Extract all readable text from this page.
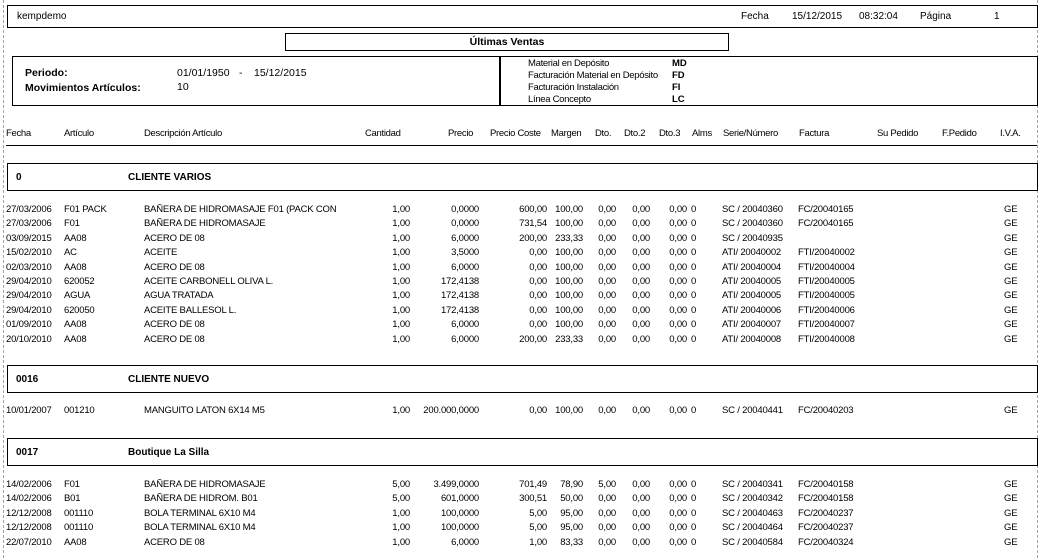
kempdemo	Fecha 15/12/2015 08:32:04 Página	1
Últimas Ventas
Periodo:	01/01/1950 - 15/12/2015
Movimientos Artículos:	10
Material en Depósito	MD
Facturación Material en Depósito FD
Facturación Instalación	FI
Línea Concepto	LC
Fecha	Artículo	Descripción Artículo	Cantidad	Precio Precio Coste Margen Dto. Dto.2 Dto.3 Alms Serie/Número Factura	Su Pedido	F.Pedido I.V.A.
0	CLIENTE VARIOS
27/03/2006 F01 PACK	BAÑERA DE HIDROMASAJE F01 (PACK CON	1,00	0,0000	600,00 100,00 0,00 0,00 0,00 0	SC / 20040360 FC/20040165	GE
27/03/2006 F01	BAÑERA DE HIDROMASAJE	1,00	0,0000	731,54 100,00 0,00 0,00 0,00 0	SC / 20040360 FC/20040165	GE
03/09/2015 AA08	ACERO DE 08	1,00	6,0000	200,00 233,33 0,00 0,00 0,00 0	SC / 20040935	GE
15/02/2010 AC	ACEITE	1,00	3,5000	0,00 100,00 0,00 0,00 0,00 0	ATI/ 20040002 FTI/20040002	GE
02/03/2010 AA08	ACERO DE 08	1,00	6,0000	0,00 100,00 0,00 0,00 0,00 0	ATI/ 20040004 FTI/20040004	GE
29/04/2010 620052	ACEITE CARBONELL OLIVA L.	1,00	172,4138	0,00 100,00 0,00 0,00 0,00 0	ATI/ 20040005 FTI/20040005	GE
29/04/2010 AGUA	AGUA TRATADA	1,00	172,4138	0,00 100,00 0,00 0,00 0,00 0	ATI/ 20040005 FTI/20040005	GE
29/04/2010 620050	ACEITE BALLESOL L.	1,00	172,4138	0,00 100,00 0,00 0,00 0,00 0	ATI/ 20040006 FTI/20040006	GE
01/09/2010 AA08	ACERO DE 08	1,00	6,0000	0,00 100,00 0,00 0,00 0,00 0	ATI/ 20040007 FTI/20040007	GE
20/10/2010 AA08	ACERO DE 08	1,00	6,0000	200,00 233,33 0,00 0,00 0,00 0	ATI/ 20040008 FTI/20040008	GE
0016	CLIENTE NUEVO
10/01/2007 001210	MANGUITO LATON 6X14 M5	1,00 200.000,0000	0,00 100,00 0,00 0,00 0,00 0	SC / 20040441 FC/20040203	GE
0017	Boutique La Silla
14/02/2006 F01	BAÑERA DE HIDROMASAJE	5,00 3.499,0000	701,49 78,90 5,00 0,00 0,00 0	SC / 20040341 FC/20040158	GE
14/02/2006 B01	BAÑERA DE HIDROM. B01	5,00	601,0000	300,51 50,00 0,00 0,00 0,00 0	SC / 20040342 FC/20040158	GE
12/12/2008 001110	BOLA TERMINAL 6X10 M4	1,00	100,0000	5,00 95,00 0,00 0,00 0,00 0	SC / 20040463 FC/20040237	GE
12/12/2008 001110	BOLA TERMINAL 6X10 M4	1,00	100,0000	5,00 95,00 0,00 0,00 0,00 0	SC / 20040464 FC/20040237	GE
22/07/2010 AA08	ACERO DE 08	1,00	6,0000	1,00 83,33 0,00 0,00 0,00 0	SC / 20040584 FC/20040324	GE
